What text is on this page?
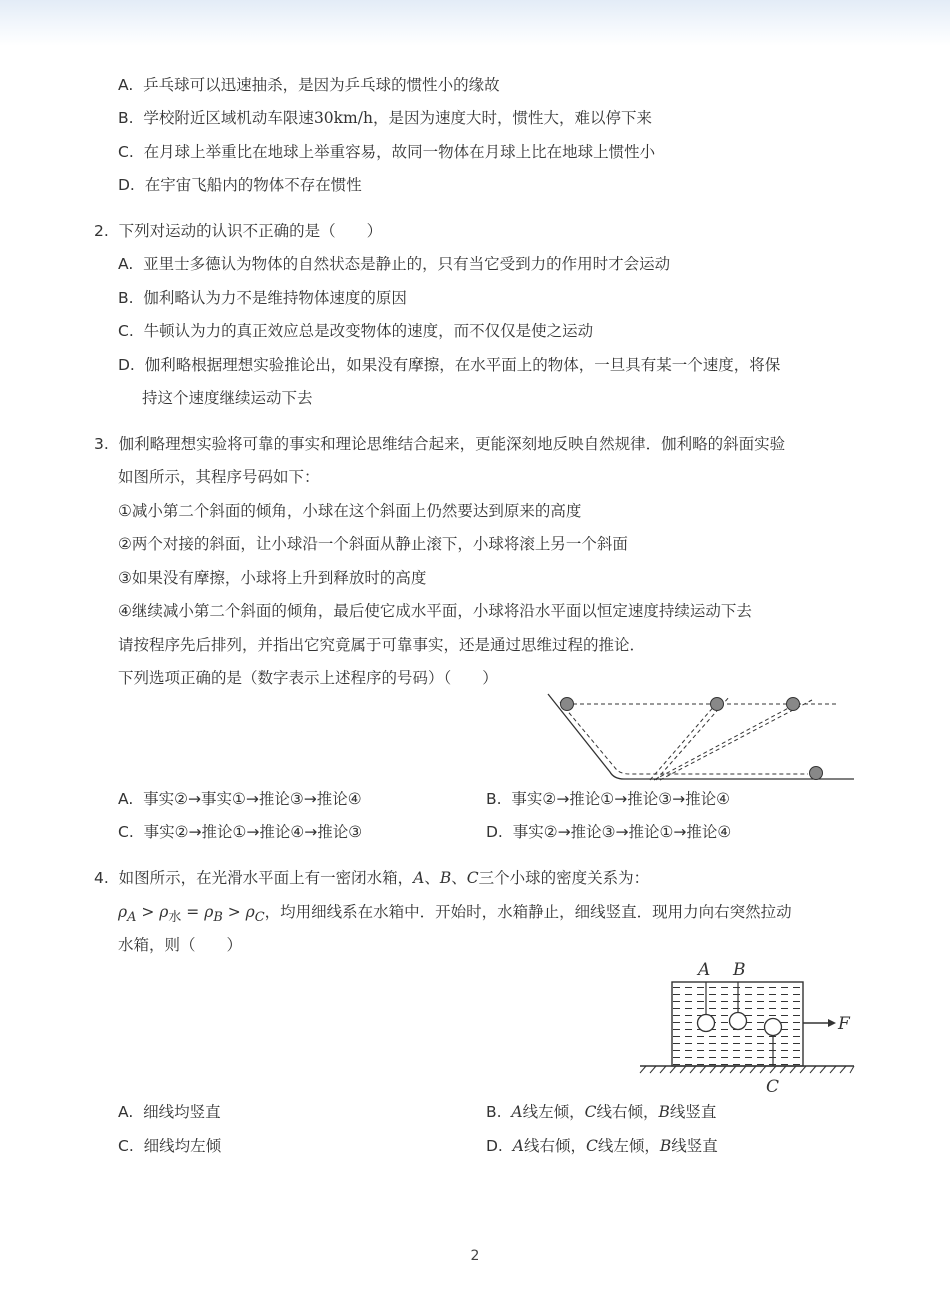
A. 乒乓球可以迅速抽杀，是因为乒乓球的惯性小的缘故
B. 学校附近区域机动车限速30km/h，是因为速度大时，惯性大，难以停下来
C. 在月球上举重比在地球上举重容易，故同一物体在月球上比在地球上惯性小
D. 在宇宙飞船内的物体不存在惯性
2. 下列对运动的认识不正确的是（　　）
A. 亚里士多德认为物体的自然状态是静止的，只有当它受到力的作用时才会运动
B. 伽利略认为力不是维持物体速度的原因
C. 牛顿认为力的真正效应总是改变物体的速度，而不仅仅是使之运动
D. 伽利略根据理想实验推论出，如果没有摩擦，在水平面上的物体，一旦具有某一个速度，将保
持这个速度继续运动下去
3. 伽利略理想实验将可靠的事实和理论思维结合起来，更能深刻地反映自然规律．伽利略的斜面实验
如图所示，其程序号码如下：
①减小第二个斜面的倾角，小球在这个斜面上仍然要达到原来的高度
②两个对接的斜面，让小球沿一个斜面从静止滚下，小球将滚上另一个斜面
③如果没有摩擦，小球将上升到释放时的高度
④继续减小第二个斜面的倾角，最后使它成水平面，小球将沿水平面以恒定速度持续运动下去
请按程序先后排列，并指出它究竟属于可靠事实，还是通过思维过程的推论．
下列选项正确的是（数字表示上述程序的号码）（　　）
A. 事实②→事实①→推论③→推论④	B. 事实②→推论①→推论③→推论④
C. 事实②→推论①→推论④→推论③	D. 事实②→推论③→推论①→推论④
4. 如图所示，在光滑水平面上有一密闭水箱，A、B、C三个小球的密度关系为：
$\rho_A > \rho_水 = \rho_B > \rho_C$，均用细线系在水箱中．开始时，水箱静止，细线竖直．现用力向右突然拉动
水箱，则（　　）
A B
C
F
A. 细线均竖直	B. A线左倾，C线右倾，B线竖直
C. 细线均左倾	D. A线右倾，C线左倾，B线竖直
2
